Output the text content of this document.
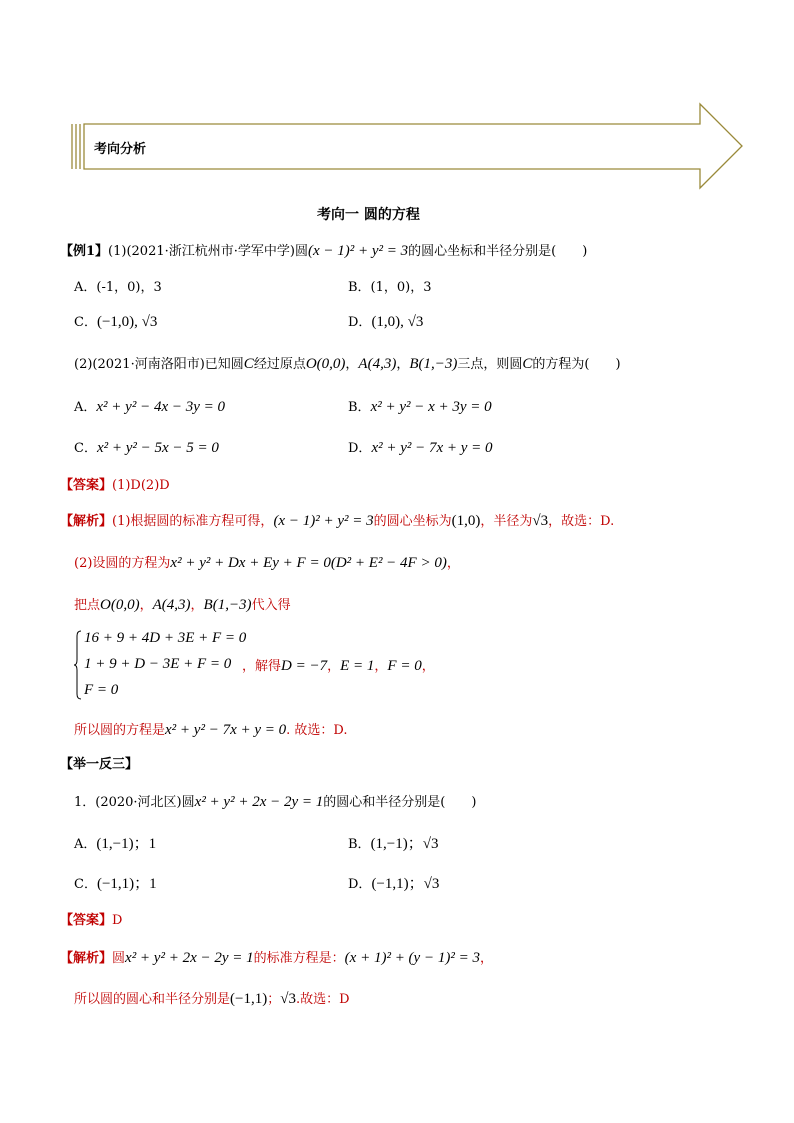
考向分析
考向一 圆的方程
【例1】(1)(2021·浙江杭州市·学军中学)圆(x − 1)² + y² = 3的圆心坐标和半径分别是(　　)
A．(-1，0)，3	B．(1，0)，3
C．(−1,0), √3	D．(1,0), √3
(2)(2021·河南洛阳市)已知圆C经过原点O(0,0)，A(4,3)，B(1,−3)三点，则圆C的方程为(　　)
A．x² + y² − 4x − 3y = 0	B．x² + y² − x + 3y = 0
C．x² + y² − 5x − 5 = 0	D．x² + y² − 7x + y = 0
【答案】(1)D(2)D
【解析】(1)根据圆的标准方程可得，(x − 1)² + y² = 3的圆心坐标为(1,0)，半径为√3，故选：D.
(2)设圆的方程为x² + y² + Dx + Ey + F = 0(D² + E² − 4F > 0)，
把点O(0,0)，A(4,3)，B(1,−3)代入得
16 + 9 + 4D + 3E + F = 0
1 + 9 + D − 3E + F = 0
F = 0
，解得D = −7，E = 1，F = 0，
所以圆的方程是x² + y² − 7x + y = 0. 故选：D.
【举一反三】
1．(2020·河北区)圆x² + y² + 2x − 2y = 1的圆心和半径分别是(　　)
A．(1,−1)；1	B．(1,−1)；√3
C．(−1,1)；1	D．(−1,1)；√3
【答案】D
【解析】圆x² + y² + 2x − 2y = 1的标准方程是：(x + 1)² + (y − 1)² = 3，
所以圆的圆心和半径分别是(−1,1)；√3.故选：D
